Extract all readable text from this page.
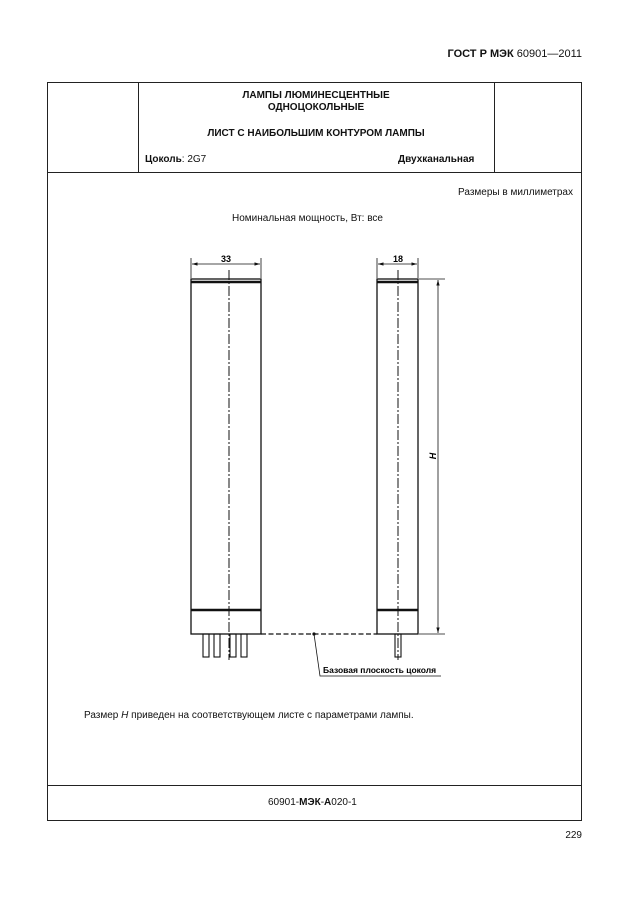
ГОСТ Р МЭК 60901—2011
ЛАМПЫ ЛЮМИНЕСЦЕНТНЫЕ
ОДНОЦОКОЛЬНЫЕ
ЛИСТ С НАИБОЛЬШИМ КОНТУРОМ ЛАМПЫ
Цоколь: 2G7	Двухканальная
Размеры в миллиметрах
Номинальная мощность, Вт: все
33	18
H
Базовая плоскость цоколя
Размер H приведен на соответствующем листе с параметрами лампы.
60901-МЭК-А020-1
229
